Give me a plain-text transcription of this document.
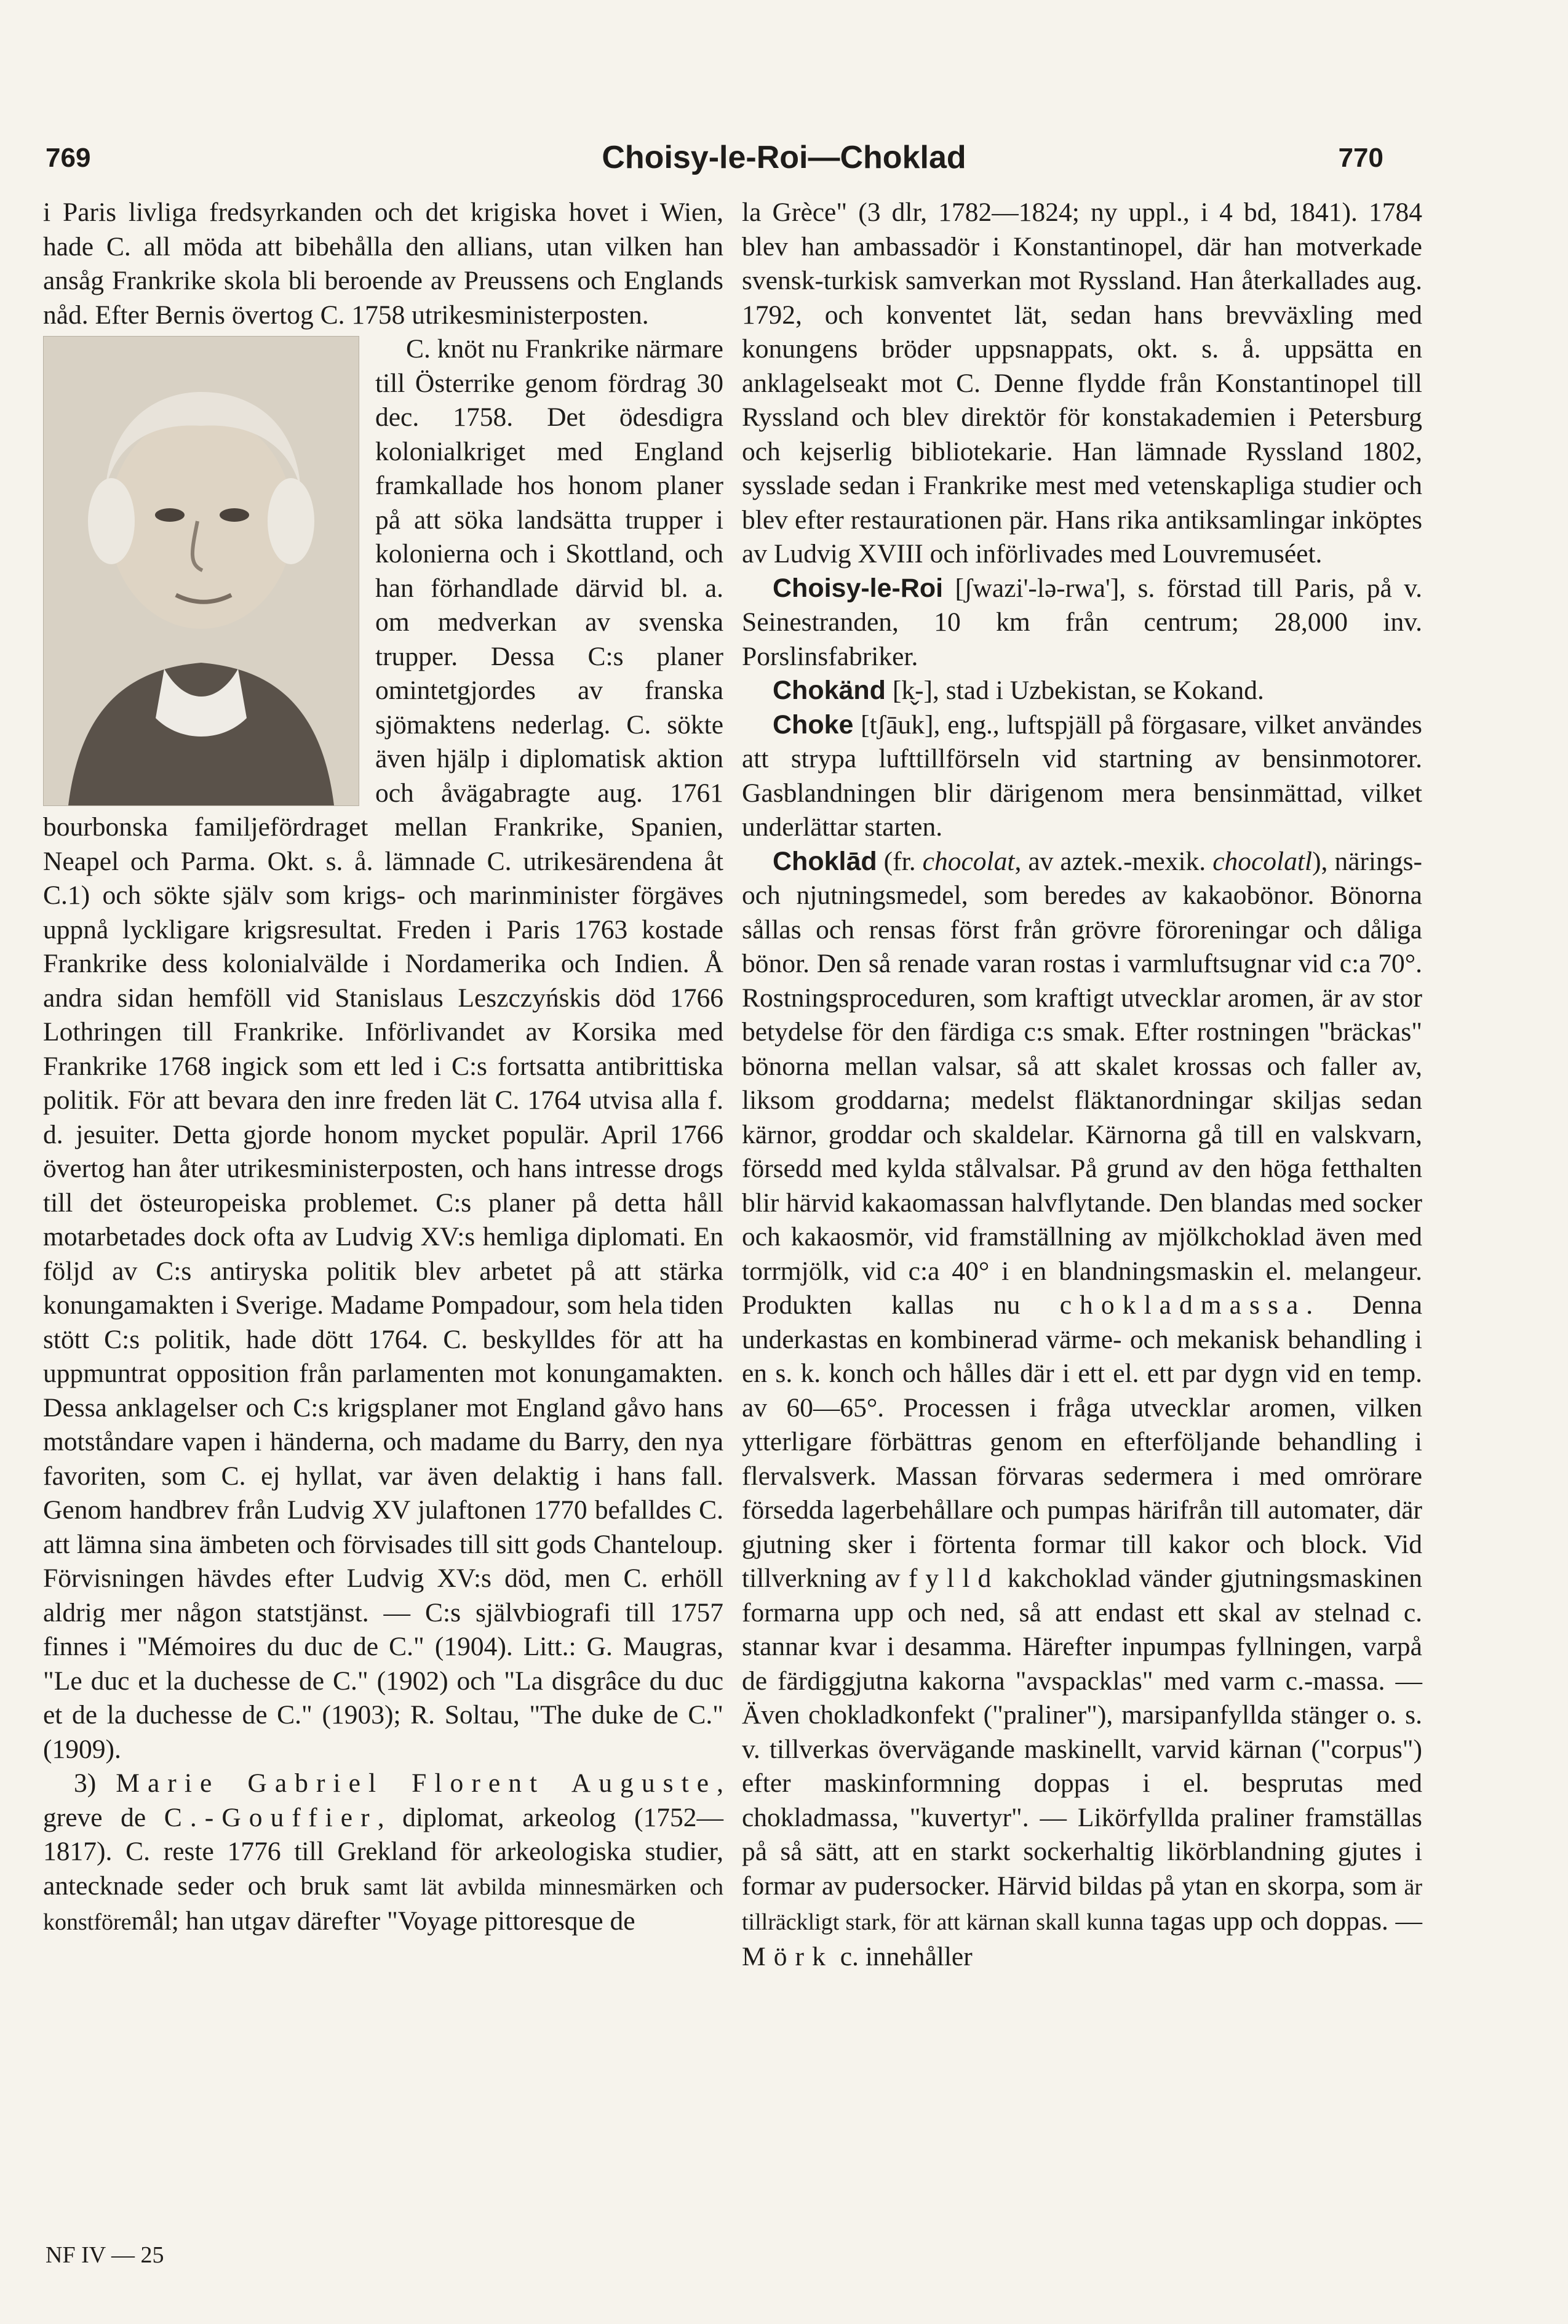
769	Choisy-le-Roi—Choklad	770

i Paris livliga fredsyrkanden och det krigiska hovet i Wien, hade C. all möda att bibehålla den allians, utan vilken han ansåg Frankrike skola bli beroende av Preussens och Englands nåd. Efter Bernis övertog C. 1758 utrikesministerposten.

C. knöt nu Frankrike närmare till Österrike genom fördrag 30 dec. 1758. Det ödesdigra kolonialkriget med England framkallade hos honom planer på att söka landsätta trupper i kolonierna och i Skottland, och han förhandlade därvid bl. a. om medverkan av svenska trupper. Dessa C:s planer omintetgjordes av franska sjömaktens nederlag. C. sökte även hjälp i diplomatisk aktion och åvägabragte aug. 1761 bourbonska familjefördraget mellan Frankrike, Spanien, Neapel och Parma. Okt. s. å. lämnade C. utrikesärendena åt C.1) och sökte själv som krigs- och marinminister förgäves uppnå lyckligare krigsresultat. Freden i Paris 1763 kostade Frankrike dess kolonialvälde i Nordamerika och Indien. Å andra sidan hemföll vid Stanislaus Leszczyńskis död 1766 Lothringen till Frankrike. Införlivandet av Korsika med Frankrike 1768 ingick som ett led i C:s fortsatta antibrittiska politik. För att bevara den inre freden lät C. 1764 utvisa alla f. d. jesuiter. Detta gjorde honom mycket populär. April 1766 övertog han åter utrikesministerposten, och hans intresse drogs till det östeuropeiska problemet. C:s planer på detta håll motarbetades dock ofta av Ludvig XV:s hemliga diplomati. En följd av C:s antiryska politik blev arbetet på att stärka konungamakten i Sverige. Madame Pompadour, som hela tiden stött C:s politik, hade dött 1764. C. beskylldes för att ha uppmuntrat opposition från parlamenten mot konungamakten. Dessa anklagelser och C:s krigsplaner mot England gåvo hans motståndare vapen i händerna, och madame du Barry, den nya favoriten, som C. ej hyllat, var även delaktig i hans fall. Genom handbrev från Ludvig XV julaftonen 1770 befalldes C. att lämna sina ämbeten och förvisades till sitt gods Chanteloup. Förvisningen hävdes efter Ludvig XV:s död, men C. erhöll aldrig mer någon statstjänst. — C:s självbiografi till 1757 finnes i "Mémoires du duc de C." (1904). Litt.: G. Maugras, "Le duc et la duchesse de C." (1902) och "La disgrâce du duc et de la duchesse de C." (1903); R. Soltau, "The duke de C." (1909).

3) Marie Gabriel Florent Auguste, greve de C.-Gouffier, diplomat, arkeolog (1752—1817). C. reste 1776 till Grekland för arkeologiska studier, antecknade seder och bruk samt lät avbilda minnesmärken och konstföremål; han utgav därefter "Voyage pittoresque de

NF IV — 25

la Grèce" (3 dlr, 1782—1824; ny uppl., i 4 bd, 1841). 1784 blev han ambassadör i Konstantinopel, där han motverkade svensk-turkisk samverkan mot Ryssland. Han återkallades aug. 1792, och konventet lät, sedan hans brevväxling med konungens bröder uppsnappats, okt. s. å. uppsätta en anklagelseakt mot C. Denne flydde från Konstantinopel till Ryssland och blev direktör för konstakademien i Petersburg och kejserlig bibliotekarie. Han lämnade Ryssland 1802, sysslade sedan i Frankrike mest med vetenskapliga studier och blev efter restaurationen pär. Hans rika antiksamlingar inköptes av Ludvig XVIII och införlivades med Louvremuséet.

Choisy-le-Roi [ʃwazi'-lə-rwa'], s. förstad till Paris, på v. Seinestranden, 10 km från centrum; 28,000 inv. Porslinsfabriker.

Chokänd [k̬-], stad i Uzbekistan, se Kokand.

Choke [tʃāuk], eng., luftspjäll på förgasare, vilket användes att strypa lufttillförseln vid startning av bensinmotorer. Gasblandningen blir därigenom mera bensinmättad, vilket underlättar starten.

Choklād (fr. chocolat, av aztek.-mexik. chocolatl), närings- och njutningsmedel, som beredes av kakaobönor. Bönorna sållas och rensas först från grövre föroreningar och dåliga bönor. Den så renade varan rostas i varmluftsugnar vid c:a 70°. Rostningsproceduren, som kraftigt utvecklar aromen, är av stor betydelse för den färdiga c:s smak. Efter rostningen "bräckas" bönorna mellan valsar, så att skalet krossas och faller av, liksom groddarna; medelst fläktanordningar skiljas sedan kärnor, groddar och skaldelar. Kärnorna gå till en valskvarn, försedd med kylda stålvalsar. På grund av den höga fetthalten blir härvid kakaomassan halvflytande. Den blandas med socker och kakaosmör, vid framställning av mjölkchoklad även med torrmjölk, vid c:a 40° i en blandningsmaskin el. melangeur. Produkten kallas nu chokladmassa. Denna underkastas en kombinerad värme- och mekanisk behandling i en s. k. konch och hålles där i ett el. ett par dygn vid en temp. av 60—65°. Processen i fråga utvecklar aromen, vilken ytterligare förbättras genom en efterföljande behandling i flervalsverk. Massan förvaras sedermera i med omrörare försedda lagerbehållare och pumpas härifrån till automater, där gjutning sker i förtenta formar till kakor och block. Vid tillverkning av fylld kakchoklad vänder gjutningsmaskinen formarna upp och ned, så att endast ett skal av stelnad c. stannar kvar i desamma. Härefter inpumpas fyllningen, varpå de färdiggjutna kakorna "avspacklas" med varm c.-massa. — Även chokladkonfekt ("praliner"), marsipanfyllda stänger o. s. v. tillverkas övervägande maskinellt, varvid kärnan ("corpus") efter maskinformning doppas i el. besprutas med chokladmassa, "kuvertyr". — Likörfyllda praliner framställas på så sätt, att en starkt sockerhaltig likörblandning gjutes i formar av pudersocker. Härvid bildas på ytan en skorpa, som är tillräckligt stark, för att kärnan skall kunna tagas upp och doppas. — Mörk c. innehåller
